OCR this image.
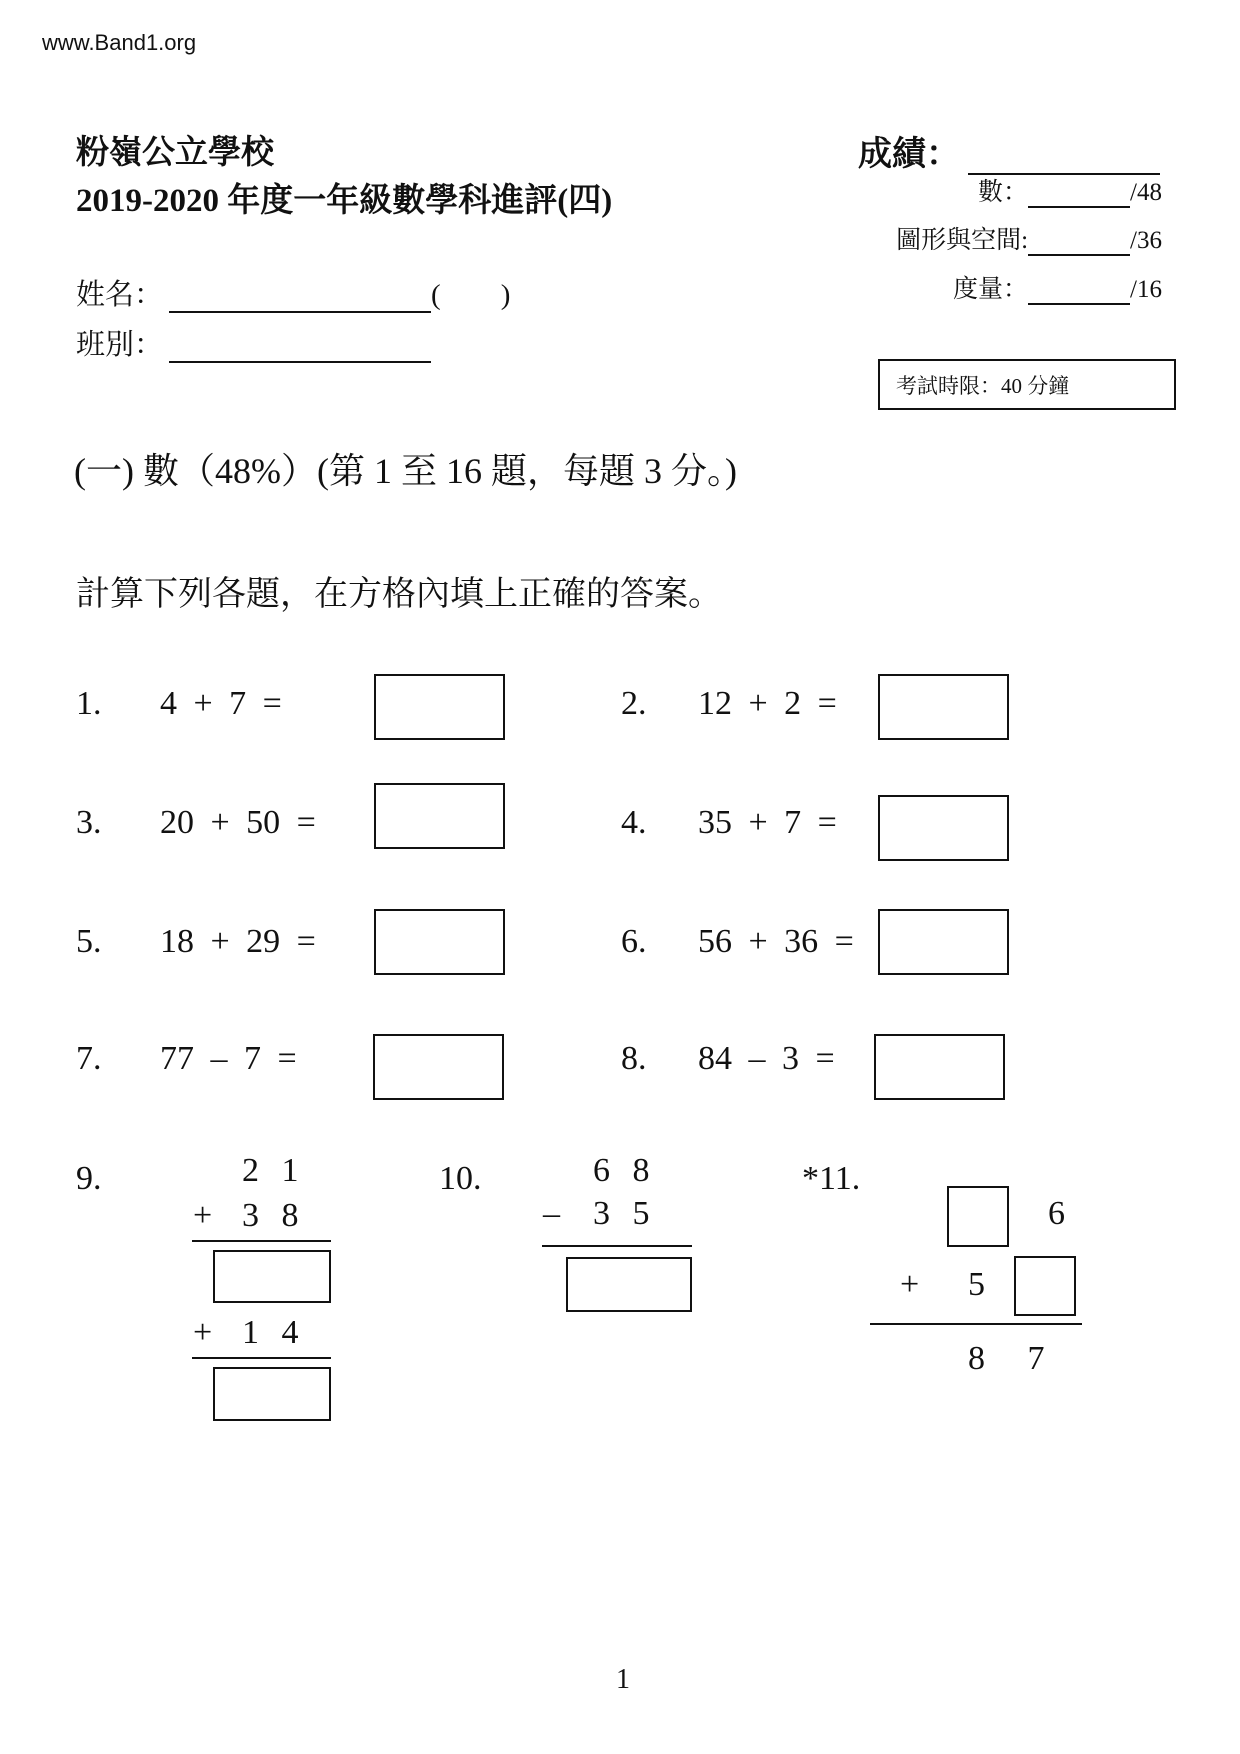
www.Band1.org
粉嶺公立學校
2019-2020 年度一年級數學科進評(四)
成績：
數：	/48
圖形與空間:	/36
度量：	/16
姓名：	( )
班別：
考試時限：40 分鐘
(一) 數（48%）(第 1 至 16 題，每題 3 分。)
計算下列各題，在方格內填上正確的答案。
1. 4 + 7 =	2. 12 + 2 =
3. 20 + 50 =	4. 35 + 7 =
5. 18 + 29 =	6. 56 + 36 =
7. 77 – 7 =	8. 84 – 3 =
9.	2 1
+ 3 8
+ 1 4
10.	6 8
– 3 5
*11.
6
+ 5
8 7
1
